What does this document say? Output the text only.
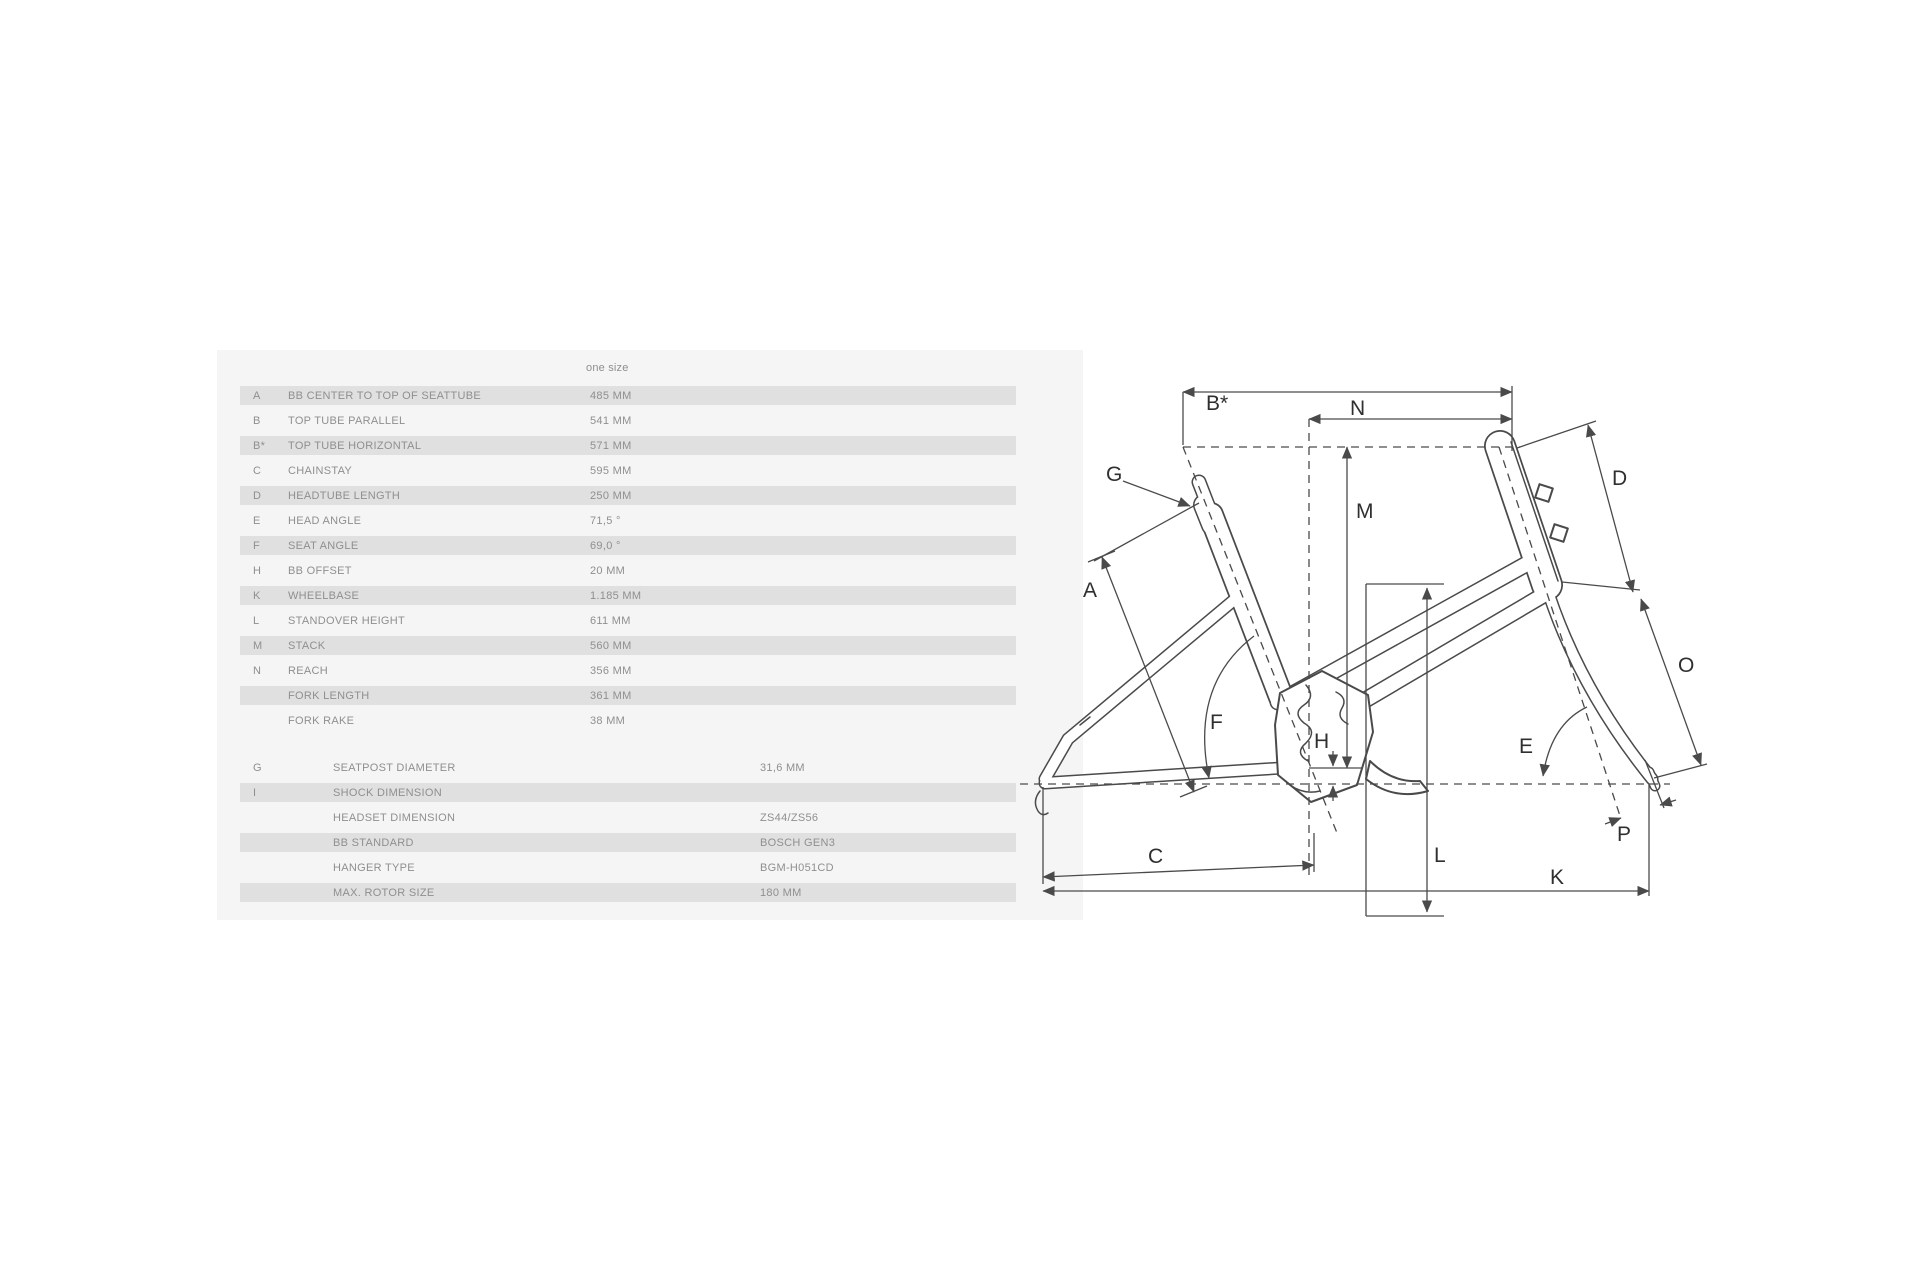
one size
A BB CENTER TO TOP OF SEATTUBE	485 MM
B TOP TUBE PARALLEL	541 MM
B* TOP TUBE HORIZONTAL	571 MM
C CHAINSTAY	595 MM
D HEADTUBE LENGTH	250 MM
E HEAD ANGLE	71,5 °
F	SEAT ANGLE	69,0 °
H BB OFFSET	20 MM
K WHEELBASE	1.185 MM
L	STANDOVER HEIGHT	611 MM
M STACK	560 MM
N REACH	356 MM
FORK LENGTH	361 MM
FORK RAKE	38 MM
G	SEATPOST DIAMETER	31,6 MM
I	SHOCK DIMENSION
HEADSET DIMENSION	ZS44/ZS56
BB STANDARD	BOSCH GEN3
HANGER TYPE	BGM-H051CD
MAX. ROTOR SIZE	180 MM
B*	N
G
A
M
D
O
E
P
F
H
C
K
L
